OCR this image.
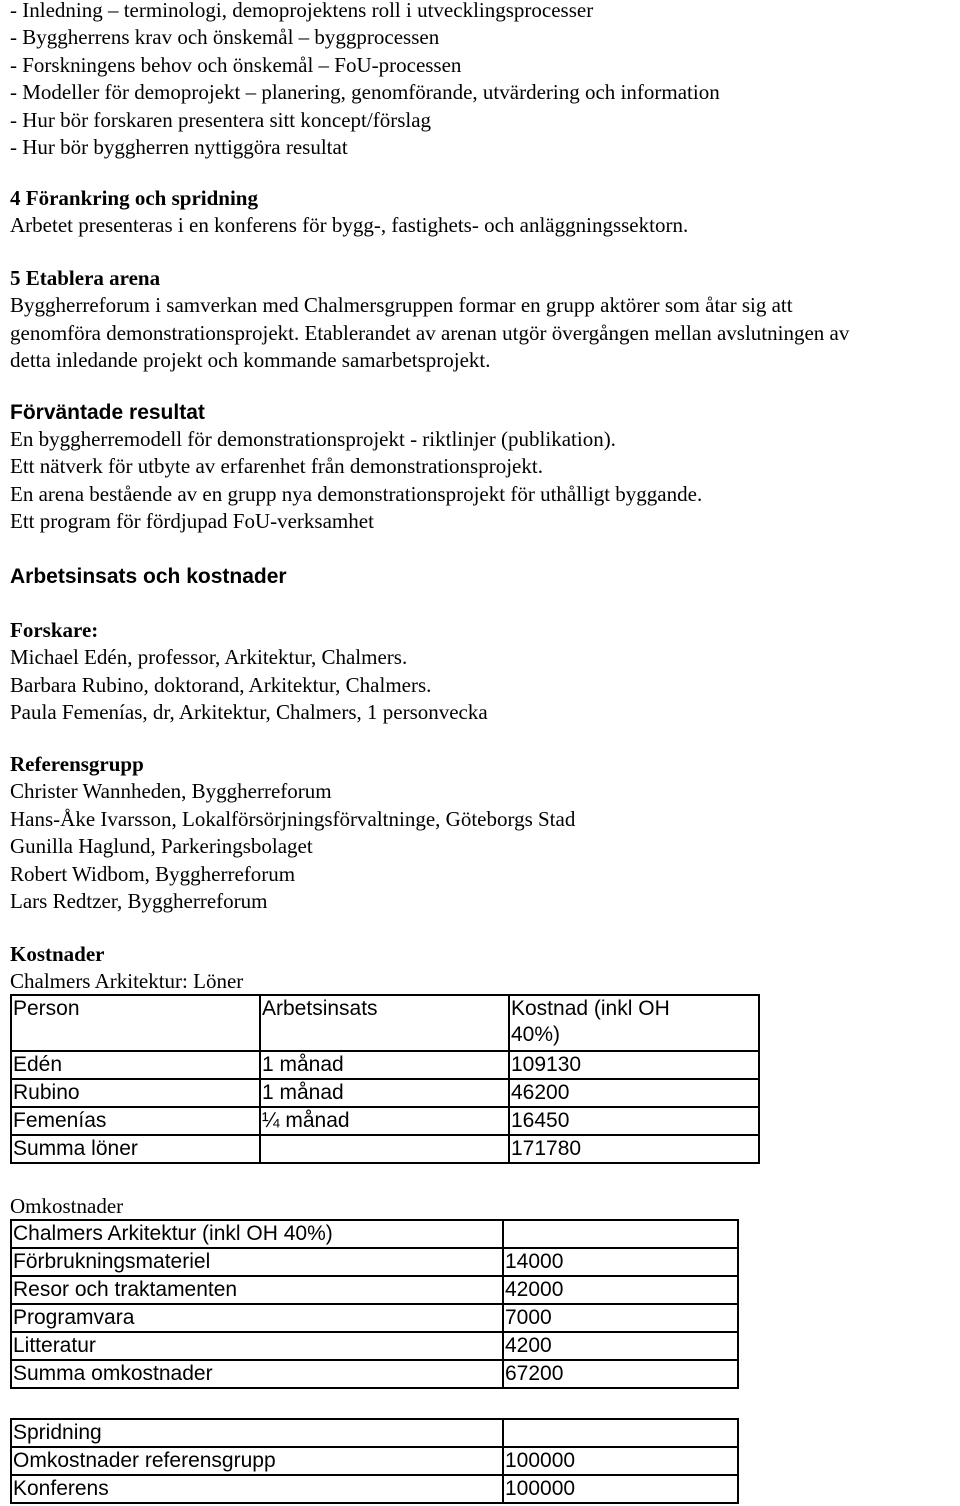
- Inledning – terminologi, demoprojektens roll i utvecklingsprocesser
- Byggherrens krav och önskemål – byggprocessen
- Forskningens behov och önskemål – FoU-processen
- Modeller för demoprojekt – planering, genomförande, utvärdering och information
- Hur bör forskaren presentera sitt koncept/förslag
- Hur bör byggherren nyttiggöra resultat
4 Förankring och spridning
Arbetet presenteras i en konferens för bygg-, fastighets- och anläggningssektorn.
5 Etablera arena
Byggherreforum i samverkan med Chalmersgruppen formar en grupp aktörer som åtar sig att
genomföra demonstrationsprojekt. Etablerandet av arenan utgör övergången mellan avslutningen av
detta inledande projekt och kommande samarbetsprojekt.
Förväntade resultat
En byggherremodell för demonstrationsprojekt - riktlinjer (publikation).
Ett nätverk för utbyte av erfarenhet från demonstrationsprojekt.
En arena bestående av en grupp nya demonstrationsprojekt för uthålligt byggande.
Ett program för fördjupad FoU-verksamhet
Arbetsinsats och kostnader
Forskare:
Michael Edén, professor, Arkitektur, Chalmers.
Barbara Rubino, doktorand, Arkitektur, Chalmers.
Paula Femenías, dr, Arkitektur, Chalmers, 1 personvecka
Referensgrupp
Christer Wannheden, Byggherreforum
Hans-Åke Ivarsson, Lokalförsörjningsförvaltninge, Göteborgs Stad
Gunilla Haglund, Parkeringsbolaget
Robert Widbom, Byggherreforum
Lars Redtzer, Byggherreforum
Kostnader
Chalmers Arkitektur: Löner
Person	Arbetsinsats	Kostnad (inkl OH
40%)

Edén	1 månad	109130
Rubino	1 månad	46200
Femenías	¼ månad	16450
Summa löner		171780
Omkostnader
Chalmers Arkitektur (inkl OH 40%)	
Förbrukningsmateriel	14000
Resor och traktamenten	42000
Programvara	7000
Litteratur	4200
Summa omkostnader	67200
Spridning	
Omkostnader referensgrupp	100000
Konferens	100000
